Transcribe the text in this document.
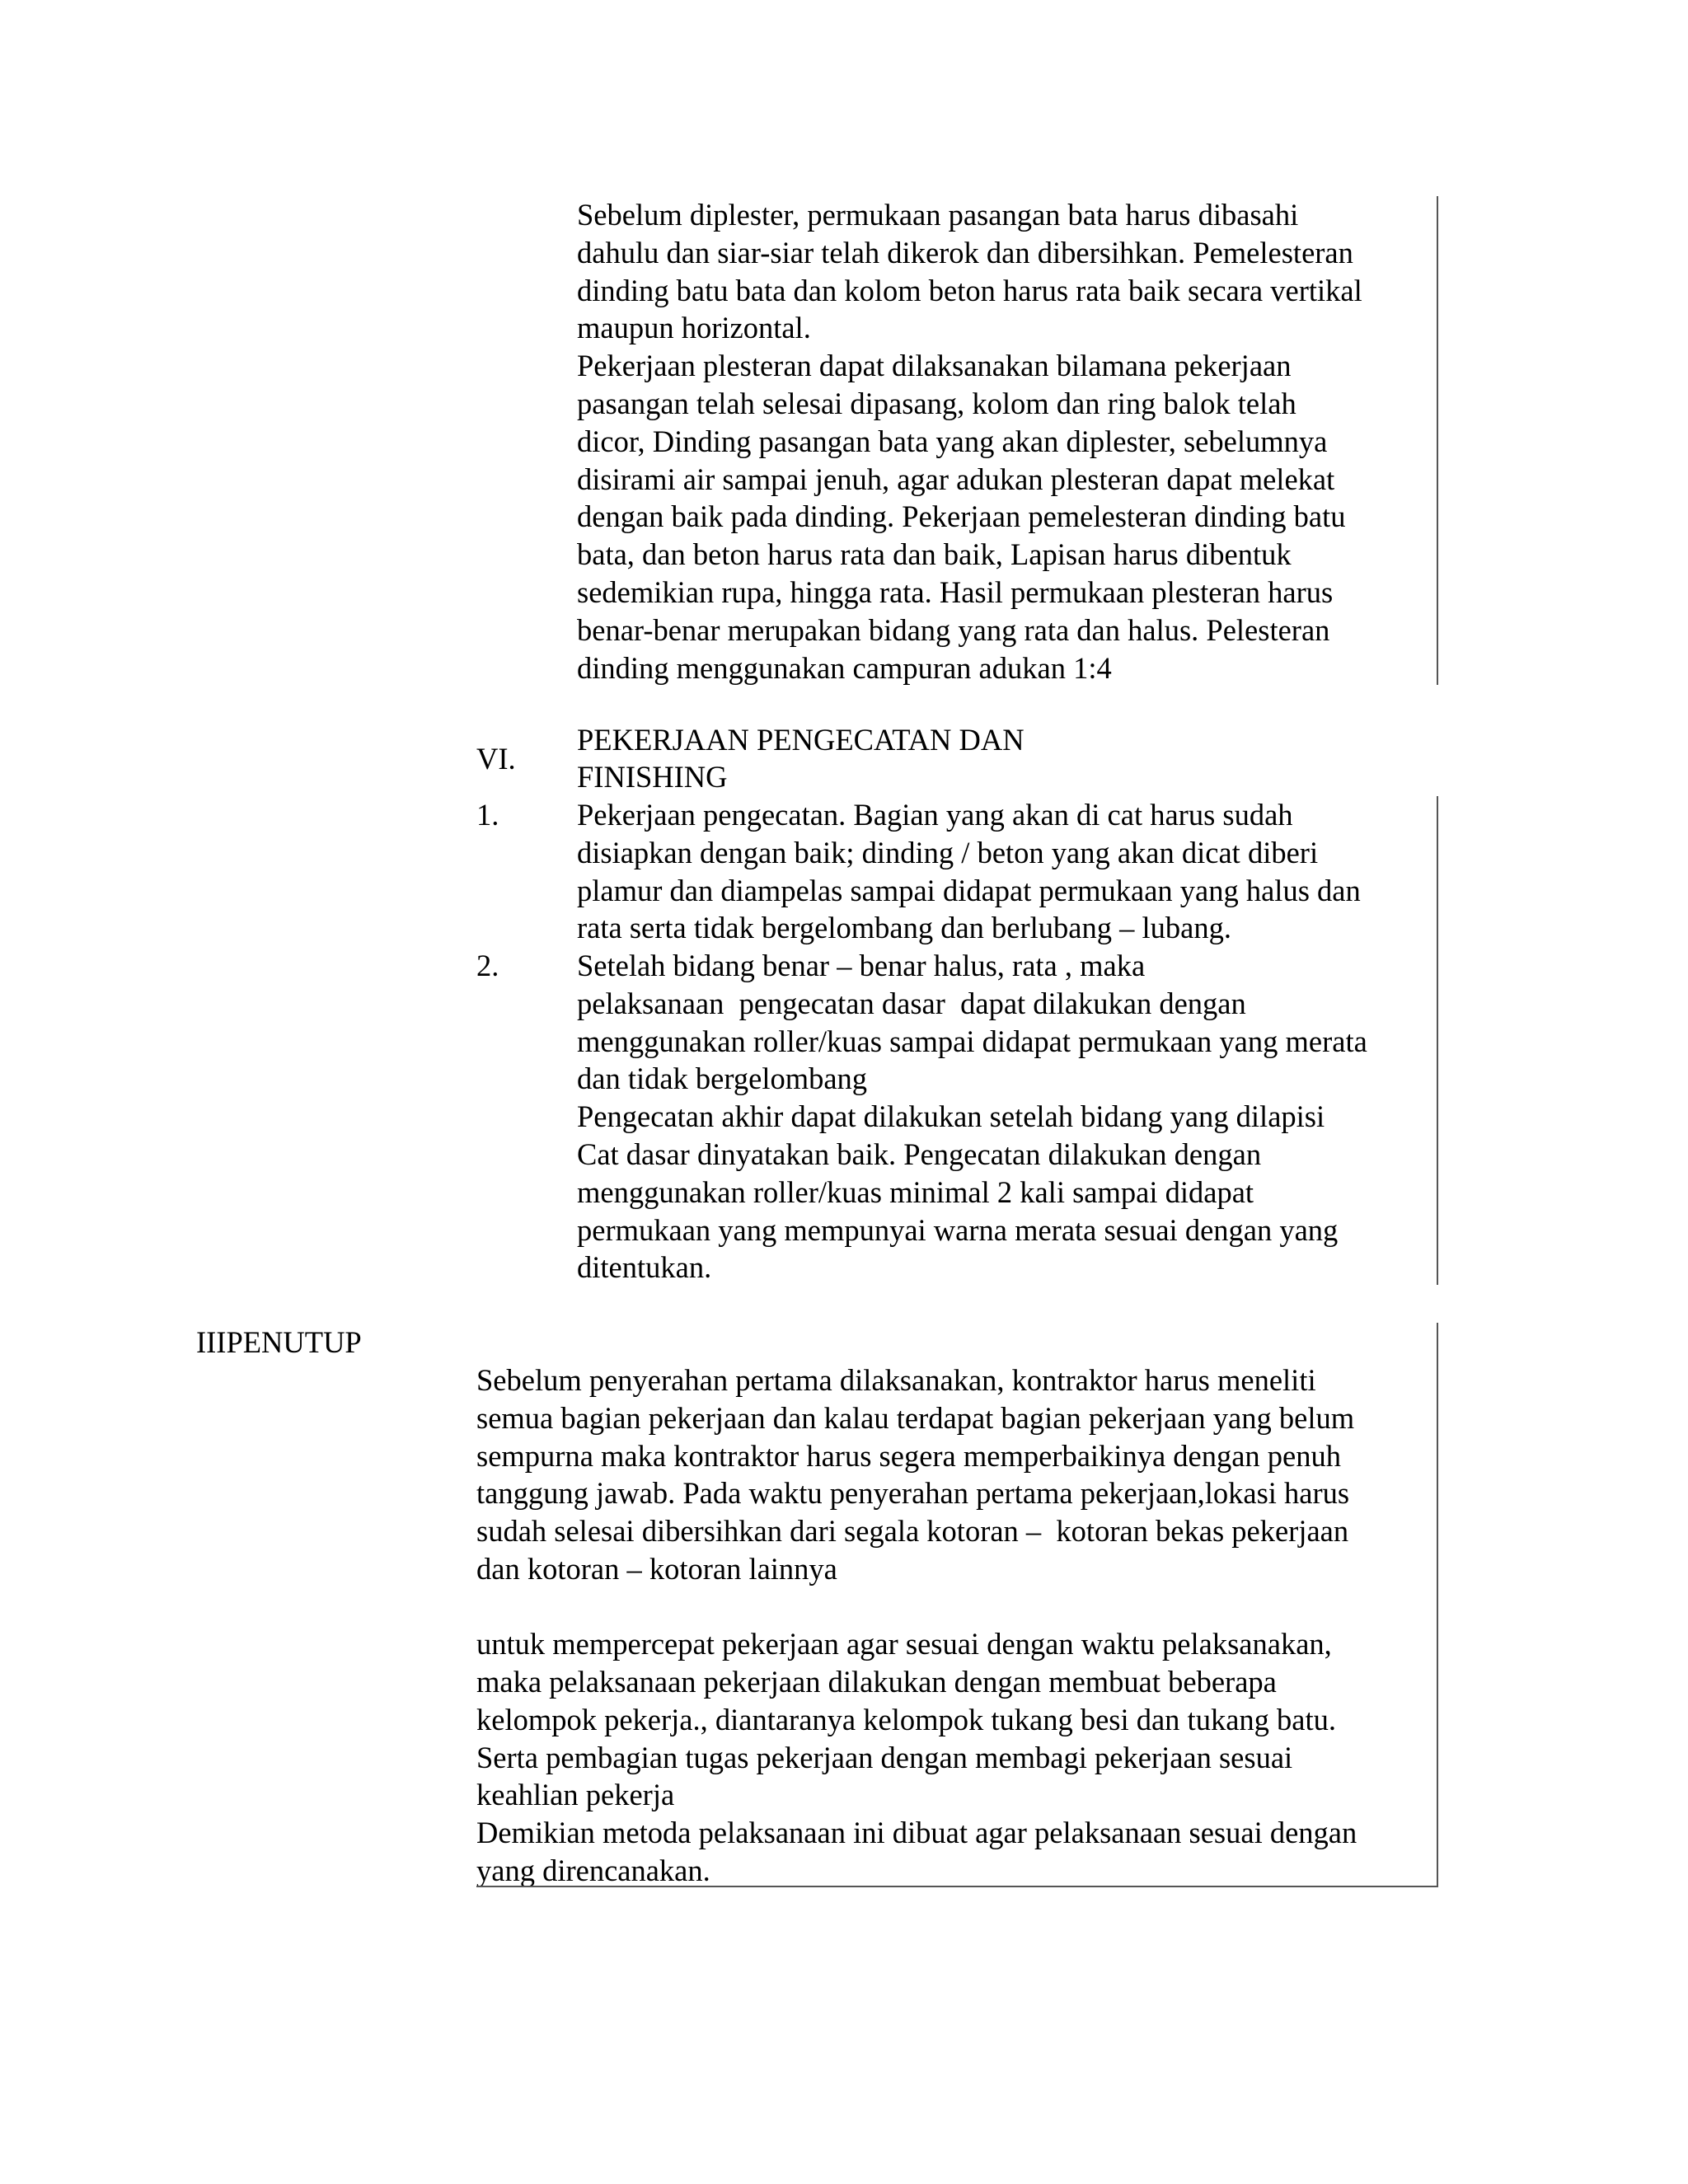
Sebelum diplester, permukaan pasangan bata harus dibasahi

dahulu dan siar-siar telah dikerok dan dibersihkan. Pemelesteran

dinding batu bata dan kolom beton harus rata baik secara vertikal

maupun horizontal.

Pekerjaan plesteran dapat dilaksanakan bilamana pekerjaan

pasangan telah selesai dipasang, kolom dan ring balok telah

dicor, Dinding pasangan bata yang akan diplester, sebelumnya

disirami air sampai jenuh, agar adukan plesteran dapat melekat

dengan baik pada dinding. Pekerjaan pemelesteran dinding batu

bata, dan beton harus rata dan baik, Lapisan harus dibentuk

sedemikian rupa, hingga rata. Hasil permukaan plesteran harus

benar-benar merupakan bidang yang rata dan halus. Pelesteran

dinding menggunakan campuran adukan 1:4

VI.

PEKERJAAN PENGECATAN DAN

FINISHING

1.	Pekerjaan pengecatan. Bagian yang akan di cat harus sudah

disiapkan dengan baik; dinding / beton yang akan dicat diberi

plamur dan diampelas sampai didapat permukaan yang halus dan

rata serta tidak bergelombang dan berlubang – lubang.

2.	Setelah bidang benar – benar halus, rata , maka

pelaksanaan  pengecatan dasar  dapat dilakukan dengan

menggunakan roller/kuas sampai didapat permukaan yang merata

dan tidak bergelombang

Pengecatan akhir dapat dilakukan setelah bidang yang dilapisi

Cat dasar dinyatakan baik. Pengecatan dilakukan dengan

menggunakan roller/kuas minimal 2 kali sampai didapat

permukaan yang mempunyai warna merata sesuai dengan yang

ditentukan.

IIIPENUTUP

Sebelum penyerahan pertama dilaksanakan, kontraktor harus meneliti

semua bagian pekerjaan dan kalau terdapat bagian pekerjaan yang belum

sempurna maka kontraktor harus segera memperbaikinya dengan penuh

tanggung jawab. Pada waktu penyerahan pertama pekerjaan,lokasi harus

sudah selesai dibersihkan dari segala kotoran –  kotoran bekas pekerjaan

dan kotoran – kotoran lainnya

untuk mempercepat pekerjaan agar sesuai dengan waktu pelaksanakan,

maka pelaksanaan pekerjaan dilakukan dengan membuat beberapa

kelompok pekerja., diantaranya kelompok tukang besi dan tukang batu.

Serta pembagian tugas pekerjaan dengan membagi pekerjaan sesuai

keahlian pekerja

Demikian metoda pelaksanaan ini dibuat agar pelaksanaan sesuai dengan

yang direncanakan.
